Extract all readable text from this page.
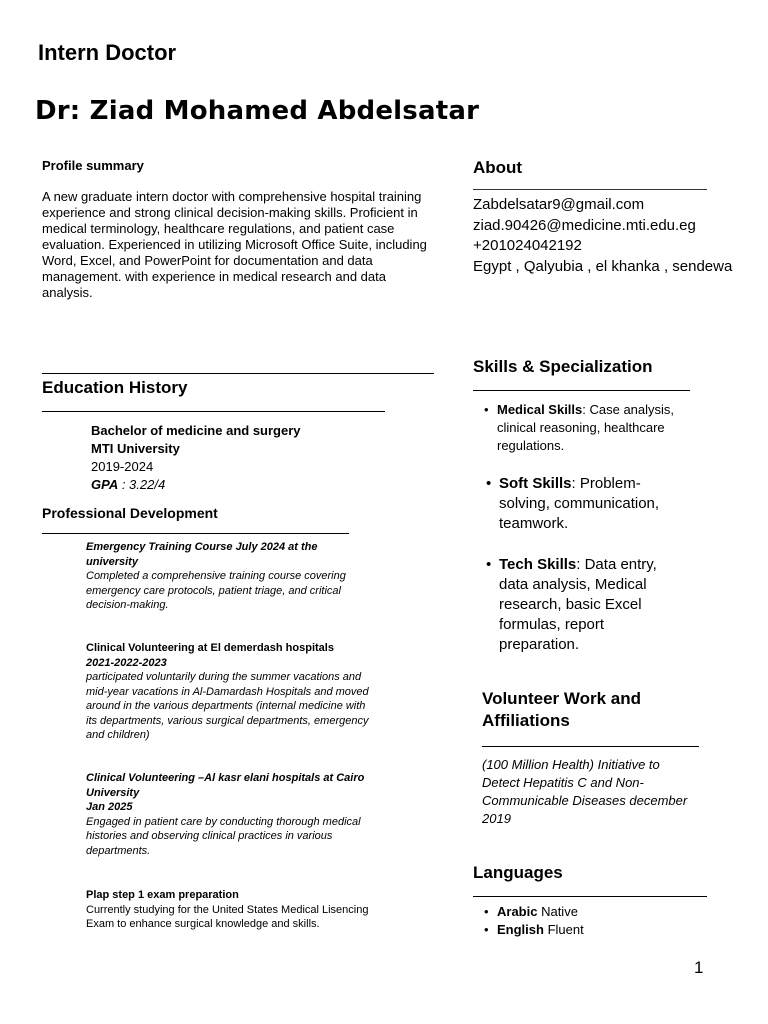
Intern Doctor
Dr: Ziad Mohamed Abdelsatar
Profile summary
A new graduate intern doctor with comprehensive hospital training experience and strong clinical decision-making skills. Proficient in medical terminology, healthcare regulations, and patient case evaluation. Experienced in utilizing Microsoft Office Suite, including Word, Excel, and PowerPoint for documentation and data management. with experience in medical research and data analysis.
Education History
Bachelor of medicine and surgery
MTI University
2019-2024
GPA : 3.22/4
Professional Development
Emergency Training Course July 2024 at the university
Completed a comprehensive training course covering emergency care protocols, patient triage, and critical decision-making.
Clinical Volunteering at El demerdash hospitals
2021-2022-2023
participated voluntarily during the summer vacations and mid-year vacations in Al-Damardash Hospitals and moved around in the various departments (internal medicine with its departments, various surgical departments, emergency and children)
Clinical Volunteering –Al kasr elani hospitals at Cairo University
Jan 2025
Engaged in patient care by conducting thorough medical histories and observing clinical practices in various departments.
Plap step 1 exam preparation
Currently studying for the United States Medical Lisencing Exam to enhance surgical knowledge and skills.
About
Zabdelsatar9@gmail.com
ziad.90426@medicine.mti.edu.eg
+201024042192
Egypt , Qalyubia , el khanka , sendewa
Skills & Specialization
• Medical Skills: Case analysis, clinical reasoning, healthcare regulations.
• Soft Skills: Problem-solving, communication, teamwork.
• Tech Skills: Data entry, data analysis, Medical research, basic Excel formulas, report preparation.
Volunteer Work and Affiliations
(100 Million Health) Initiative to Detect Hepatitis C and Non-Communicable Diseases december 2019
Languages
• Arabic Native
• English Fluent
1
